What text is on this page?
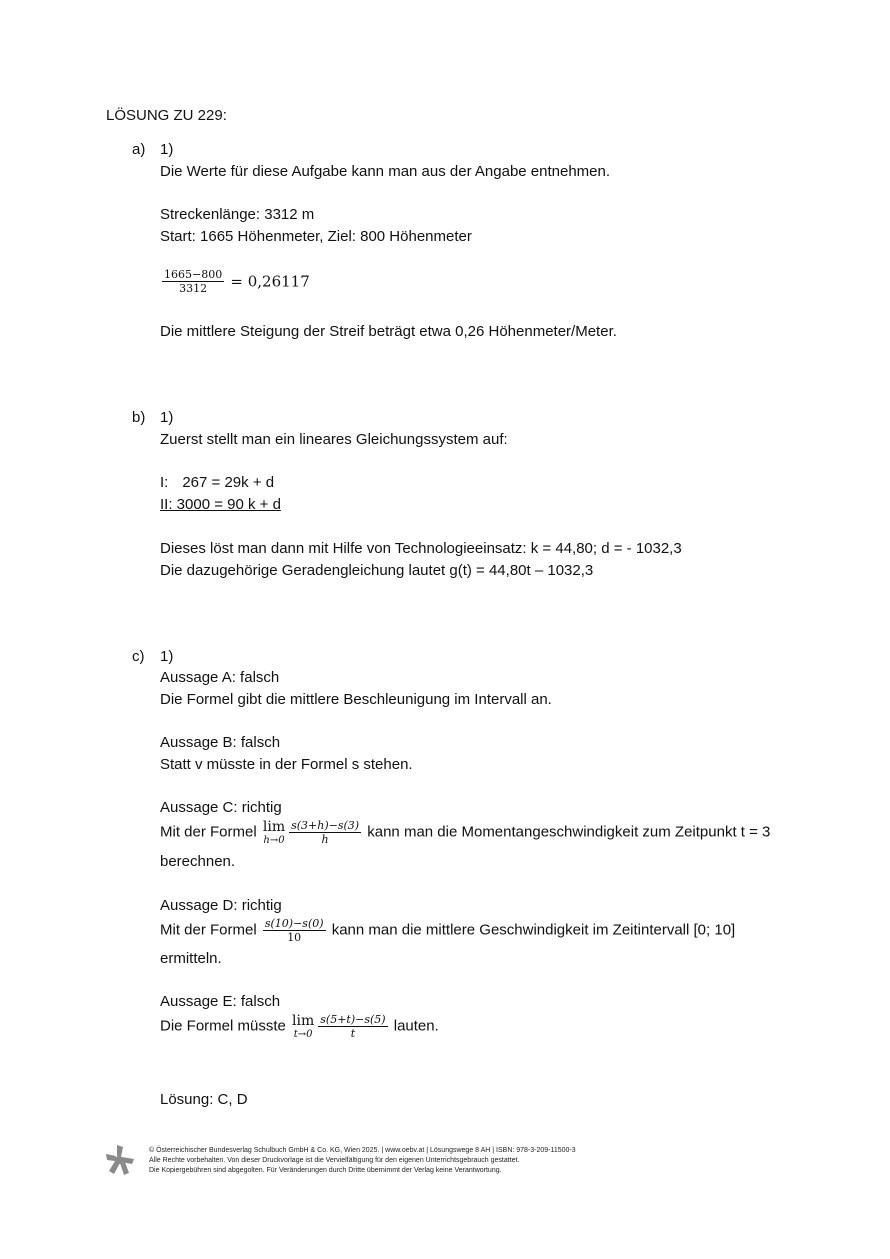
LÖSUNG ZU 229:
a) 1)
Die Werte für diese Aufgabe kann man aus der Angabe entnehmen.
Streckenlänge: 3312 m
Start: 1665 Höhenmeter, Ziel: 800 Höhenmeter
$\frac{1665-800}{3312} = 0,26117$
Die mittlere Steigung der Streif beträgt etwa 0,26 Höhenmeter/Meter.
b) 1)
Zuerst stellt man ein lineares Gleichungssystem auf:
I: 267 = 29k + d
II: 3000 = 90 k + d
Dieses löst man dann mit Hilfe von Technologieeinsatz: k = 44,80; d = - 1032,3
Die dazugehörige Geradengleichung lautet g(t) = 44,80t – 1032,3
c) 1)
Aussage A: falsch
Die Formel gibt die mittlere Beschleunigung im Intervall an.
Aussage B: falsch
Statt v müsste in der Formel s stehen.
Aussage C: richtig
Mit der Formel lim
$h\to 0 \frac{s(3+h)-s(3)}{h}$ kann man die Momentangeschwindigkeit zum Zeitpunkt t = 3
berechnen.
Aussage D: richtig
Mit der Formel $\frac{s(10)-s(0)}{10}$ kann man die mittlere Geschwindigkeit im Zeitintervall [0; 10]
ermitteln.
Aussage E: falsch
Die Formel müsste lim
$t\to 0 \frac{s(5+t)-s(5)}{t}$ lauten.
Lösung: C, D
© Österreichischer Bundesverlag Schulbuch GmbH & Co. KG, Wien 2025. | www.oebv.at | Lösungswege 8 AH | ISBN: 978-3-209-11500-3
Alle Rechte vorbehalten. Von dieser Druckvorlage ist die Vervielfältigung für den eigenen Unterrichtsgebrauch gestattet.
Die Kopiergebühren sind abgegolten. Für Veränderungen durch Dritte übernimmt der Verlag keine Verantwortung.
